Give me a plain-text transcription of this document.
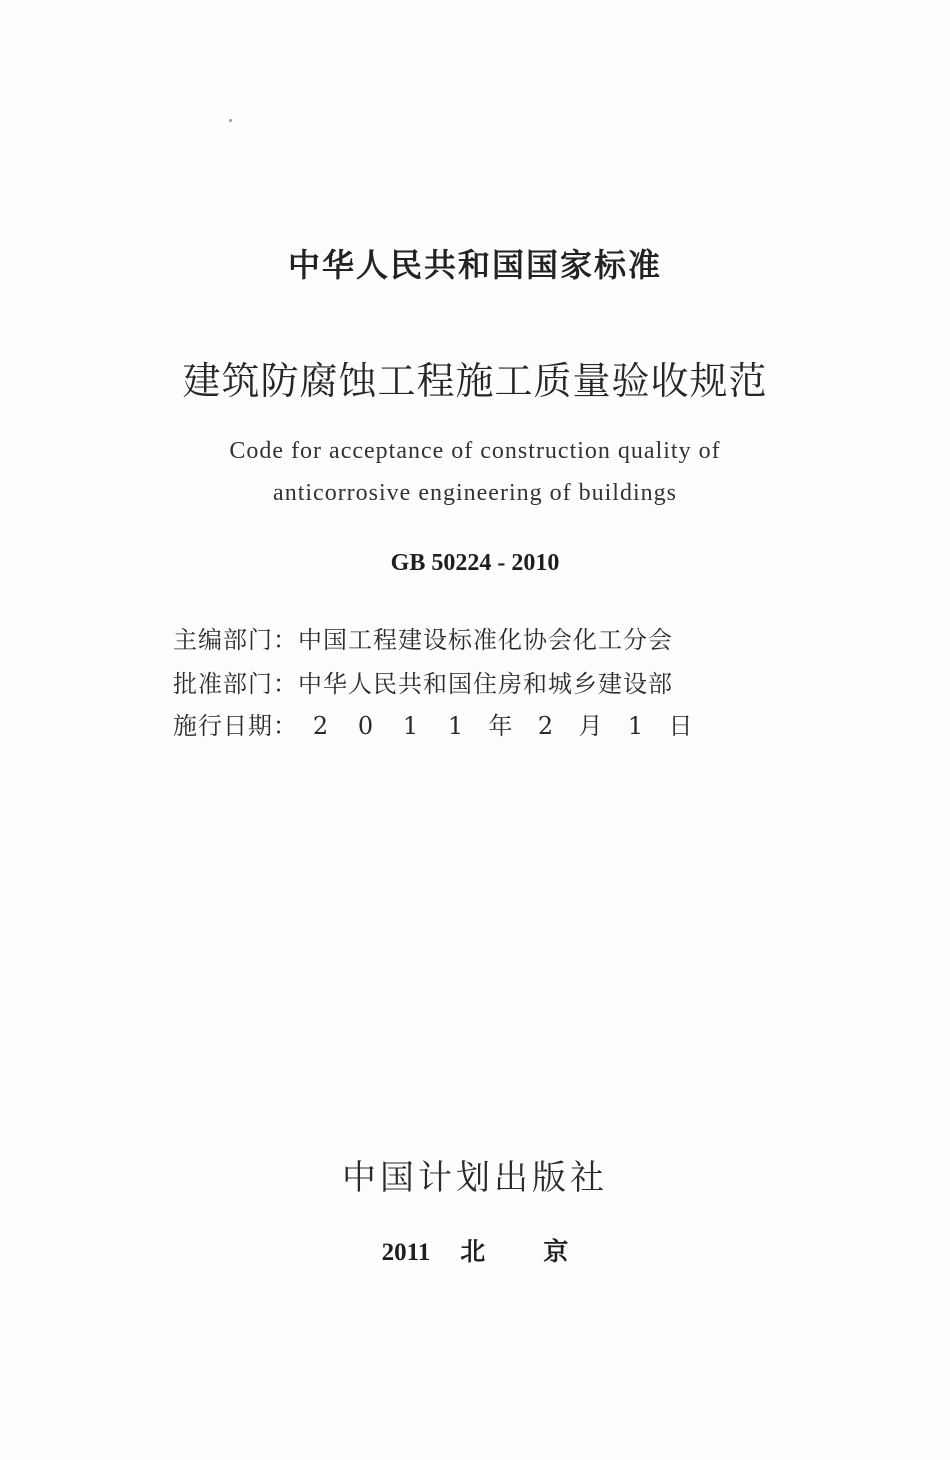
中华人民共和国国家标准
建筑防腐蚀工程施工质量验收规范
Code for acceptance of construction quality of
anticorrosive engineering of buildings
GB 50224 - 2010
主编部门：中国工程建设标准化协会化工分会
批准部门：中华人民共和国住房和城乡建设部
施行日期： 2 0 1 1 年 2 月 1 日
中国计划出版社
2011 北 京
